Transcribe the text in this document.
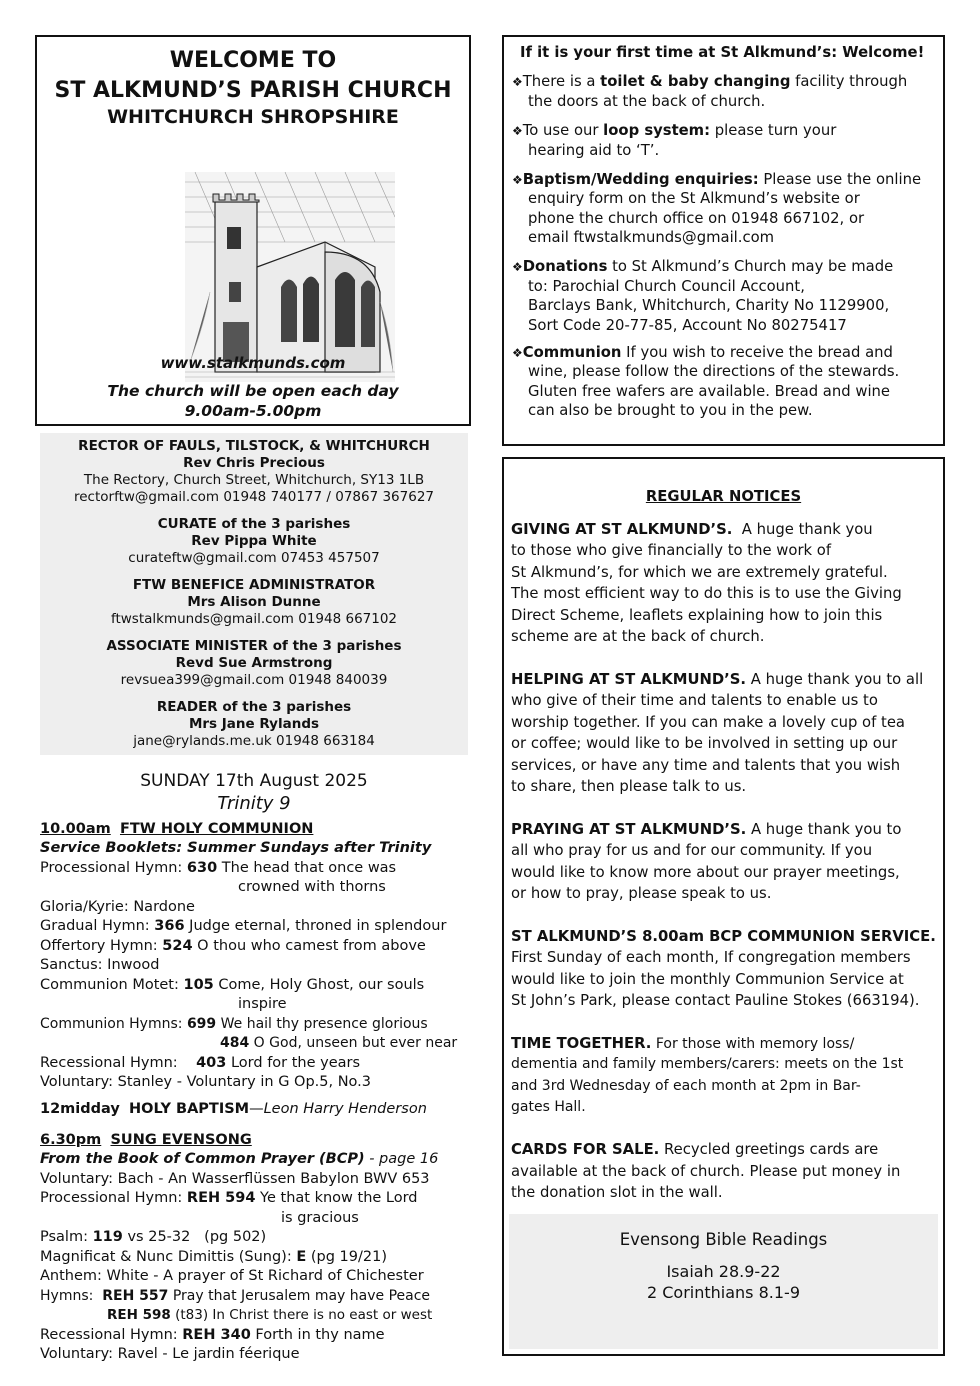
WELCOME TO
ST ALKMUND’S PARISH CHURCH
WHITCHURCH SHROPSHIRE
www.stalkmunds.com
The church will be open each day
9.00am-5.00pm
RECTOR OF FAULS, TILSTOCK, & WHITCHURCH
Rev Chris Precious
The Rectory, Church Street, Whitchurch, SY13 1LB
rectorftw@gmail.com 01948 740177 / 07867 367627
CURATE of the 3 parishes
Rev Pippa White
curateftw@gmail.com 07453 457507
FTW BENEFICE ADMINISTRATOR
Mrs Alison Dunne
ftwstalkmunds@gmail.com 01948 667102
ASSOCIATE MINISTER of the 3 parishes
Revd Sue Armstrong
revsuea399@gmail.com 01948 840039
READER of the 3 parishes
Mrs Jane Rylands
jane@rylands.me.uk 01948 663184
SUNDAY 17th August 2025
Trinity 9
10.00am FTW HOLY COMMUNION
Service Booklets: Summer Sundays after Trinity
Processional Hymn: 630 The head that once was
crowned with thorns
Gloria/Kyrie: Nardone
Gradual Hymn: 366 Judge eternal, throned in splendour
Offertory Hymn: 524 O thou who camest from above
Sanctus: Inwood
Communion Motet: 105 Come, Holy Ghost, our souls
inspire
Communion Hymns: 699 We hail thy presence glorious
484 O God, unseen but ever near
Recessional Hymn:    403 Lord for the years
Voluntary: Stanley - Voluntary in G Op.5, No.3
12midday HOLY BAPTISM—Leon Harry Henderson
6.30pm SUNG EVENSONG
From the Book of Common Prayer (BCP) - page 16
Voluntary: Bach - An Wasserflüssen Babylon BWV 653
Processional Hymn: REH 594 Ye that know the Lord
is gracious
Psalm: 119 vs 25-32   (pg 502)
Magnificat & Nunc Dimittis (Sung): E (pg 19/21)
Anthem: White - A prayer of St Richard of Chichester
Hymns:  REH 557 Pray that Jerusalem may have Peace
REH 598 (t83) In Christ there is no east or west
Recessional Hymn: REH 340 Forth in thy name
Voluntary: Ravel - Le jardin féerique
If it is your first time at St Alkmund’s: Welcome!
❖There is a toilet & baby changing facility through
the doors at the back of church.
❖To use our loop system: please turn your
hearing aid to ‘T’.
❖Baptism/Wedding enquiries: Please use the online
enquiry form on the St Alkmund’s website or
phone the church office on 01948 667102, or
email ftwstalkmunds@gmail.com
❖Donations to St Alkmund’s Church may be made
to: Parochial Church Council Account,
Barclays Bank, Whitchurch, Charity No 1129900,
Sort Code 20-77-85, Account No 80275417
❖Communion If you wish to receive the bread and
wine, please follow the directions of the stewards.
Gluten free wafers are available. Bread and wine
can also be brought to you in the pew.
REGULAR NOTICES
GIVING AT ST ALKMUND’S.  A huge thank you
to those who give financially to the work of
St Alkmund’s, for which we are extremely grateful.
The most efficient way to do this is to use the Giving
Direct Scheme, leaflets explaining how to join this
scheme are at the back of church.
HELPING AT ST ALKMUND’S. A huge thank you to all
who give of their time and talents to enable us to
worship together. If you can make a lovely cup of tea
or coffee; would like to be involved in setting up our
services, or have any time and talents that you wish
to share, then please talk to us.
PRAYING AT ST ALKMUND’S. A huge thank you to
all who pray for us and for our community. If you
would like to know more about our prayer meetings,
or how to pray, please speak to us.
ST ALKMUND’S 8.00am BCP COMMUNION SERVICE.
First Sunday of each month, If congregation members
would like to join the monthly Communion Service at
St John’s Park, please contact Pauline Stokes (663194).
TIME TOGETHER. For those with memory loss/
dementia and family members/carers: meets on the 1st
and 3rd Wednesday of each month at 2pm in Bar-
gates Hall.
CARDS FOR SALE. Recycled greetings cards are
available at the back of church. Please put money in
the donation slot in the wall.
Evensong Bible Readings
Isaiah 28.9-22
2 Corinthians 8.1-9
